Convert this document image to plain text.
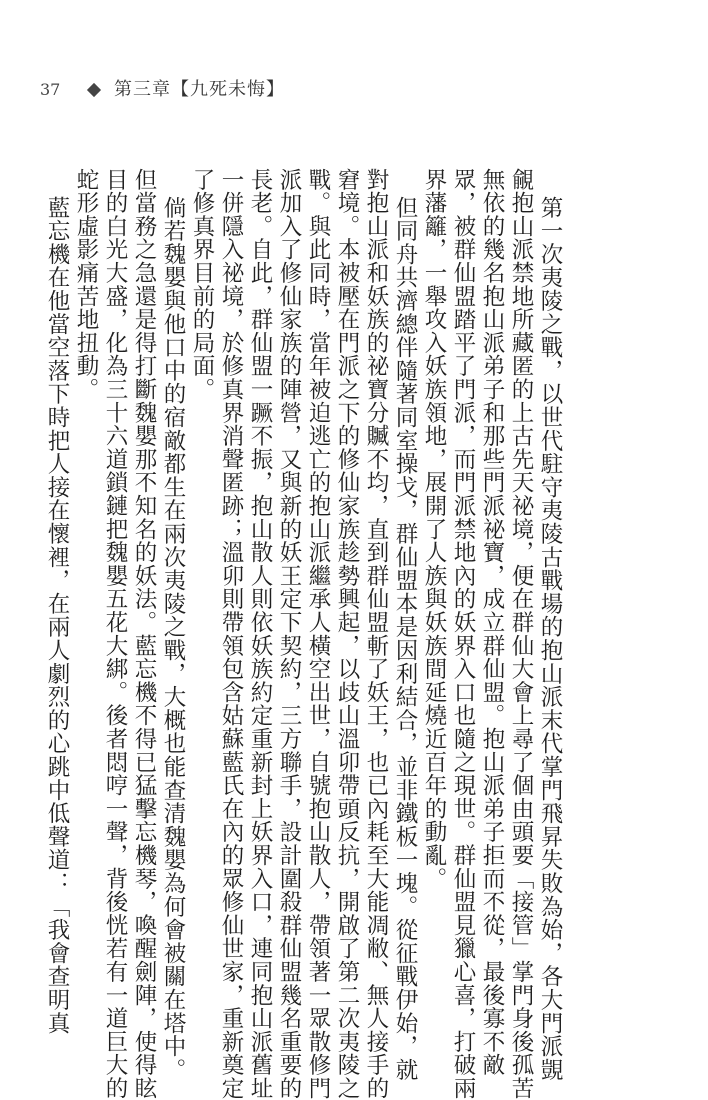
37	第三章【九死未悔】
第一次夷陵之戰，以世代駐守夷陵古戰場的抱山派末代掌門飛昇失敗為始，各大門派覬
覦抱山派禁地所藏匿的上古先天祕境，便在群仙大會上尋了個由頭要「接管」掌門身後孤苦
無依的幾名抱山派弟子和那些門派祕寶，成立群仙盟。抱山派弟子拒而不從，最後寡不敵
眾，被群仙盟踏平了門派，而門派禁地內的妖界入口也隨之現世。群仙盟見獵心喜，打破兩
界藩籬，一舉攻入妖族領地，展開了人族與妖族間延燒近百年的動亂。
但同舟共濟總伴隨著同室操戈，群仙盟本是因利結合，並非鐵板一塊。從征戰伊始，就
對抱山派和妖族的祕寶分贓不均，直到群仙盟斬了妖王，也已內耗至大能凋敝、無人接手的
窘境。本被壓在門派之下的修仙家族趁勢興起，以歧山溫卯帶頭反抗，開啟了第二次夷陵之
戰。與此同時，當年被迫逃亡的抱山派繼承人橫空出世，自號抱山散人，帶領著一眾散修門
派加入了修仙家族的陣營，又與新的妖王定下契約，三方聯手，設計圍殺群仙盟幾名重要的
長老。自此，群仙盟一蹶不振，抱山散人則依妖族約定重新封上妖界入口，連同抱山派舊址
一併隱入祕境，於修真界消聲匿跡；溫卯則帶領包含姑蘇藍氏在內的眾修仙世家，重新奠定
了修真界目前的局面。
倘若魏嬰與他口中的宿敵都生在兩次夷陵之戰，大概也能查清魏嬰為何會被關在塔中。
但當務之急還是得打斷魏嬰那不知名的妖法。藍忘機不得已猛擊忘機琴，喚醒劍陣，使得眩
目的白光大盛，化為三十六道鎖鏈把魏嬰五花大綁。後者悶哼一聲，背後恍若有一道巨大的
蛇形虛影痛苦地扭動。
藍忘機在他當空落下時把人接在懷裡，在兩人劇烈的心跳中低聲道：「我會查明真
